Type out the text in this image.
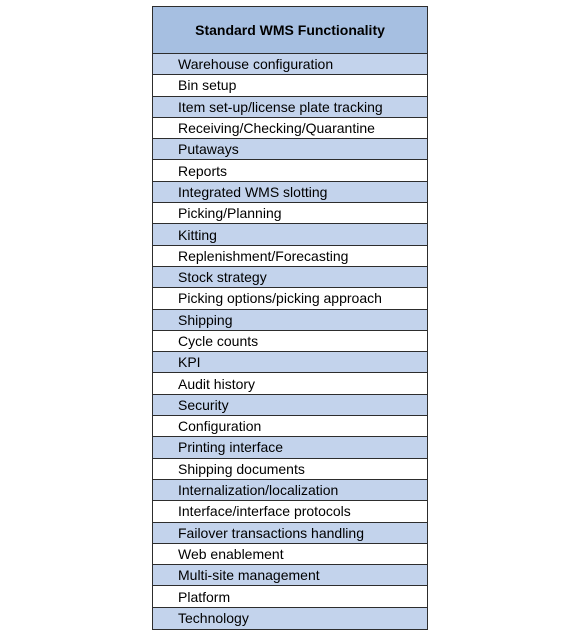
Standard WMS Functionality
Warehouse configuration
Bin setup
Item set-up/license plate tracking
Receiving/Checking/Quarantine
Putaways
Reports
Integrated WMS slotting
Picking/Planning
Kitting
Replenishment/Forecasting
Stock strategy
Picking options/picking approach
Shipping
Cycle counts
KPI
Audit history
Security
Configuration
Printing interface
Shipping documents
Internalization/localization
Interface/interface protocols
Failover transactions handling
Web enablement
Multi-site management
Platform
Technology
